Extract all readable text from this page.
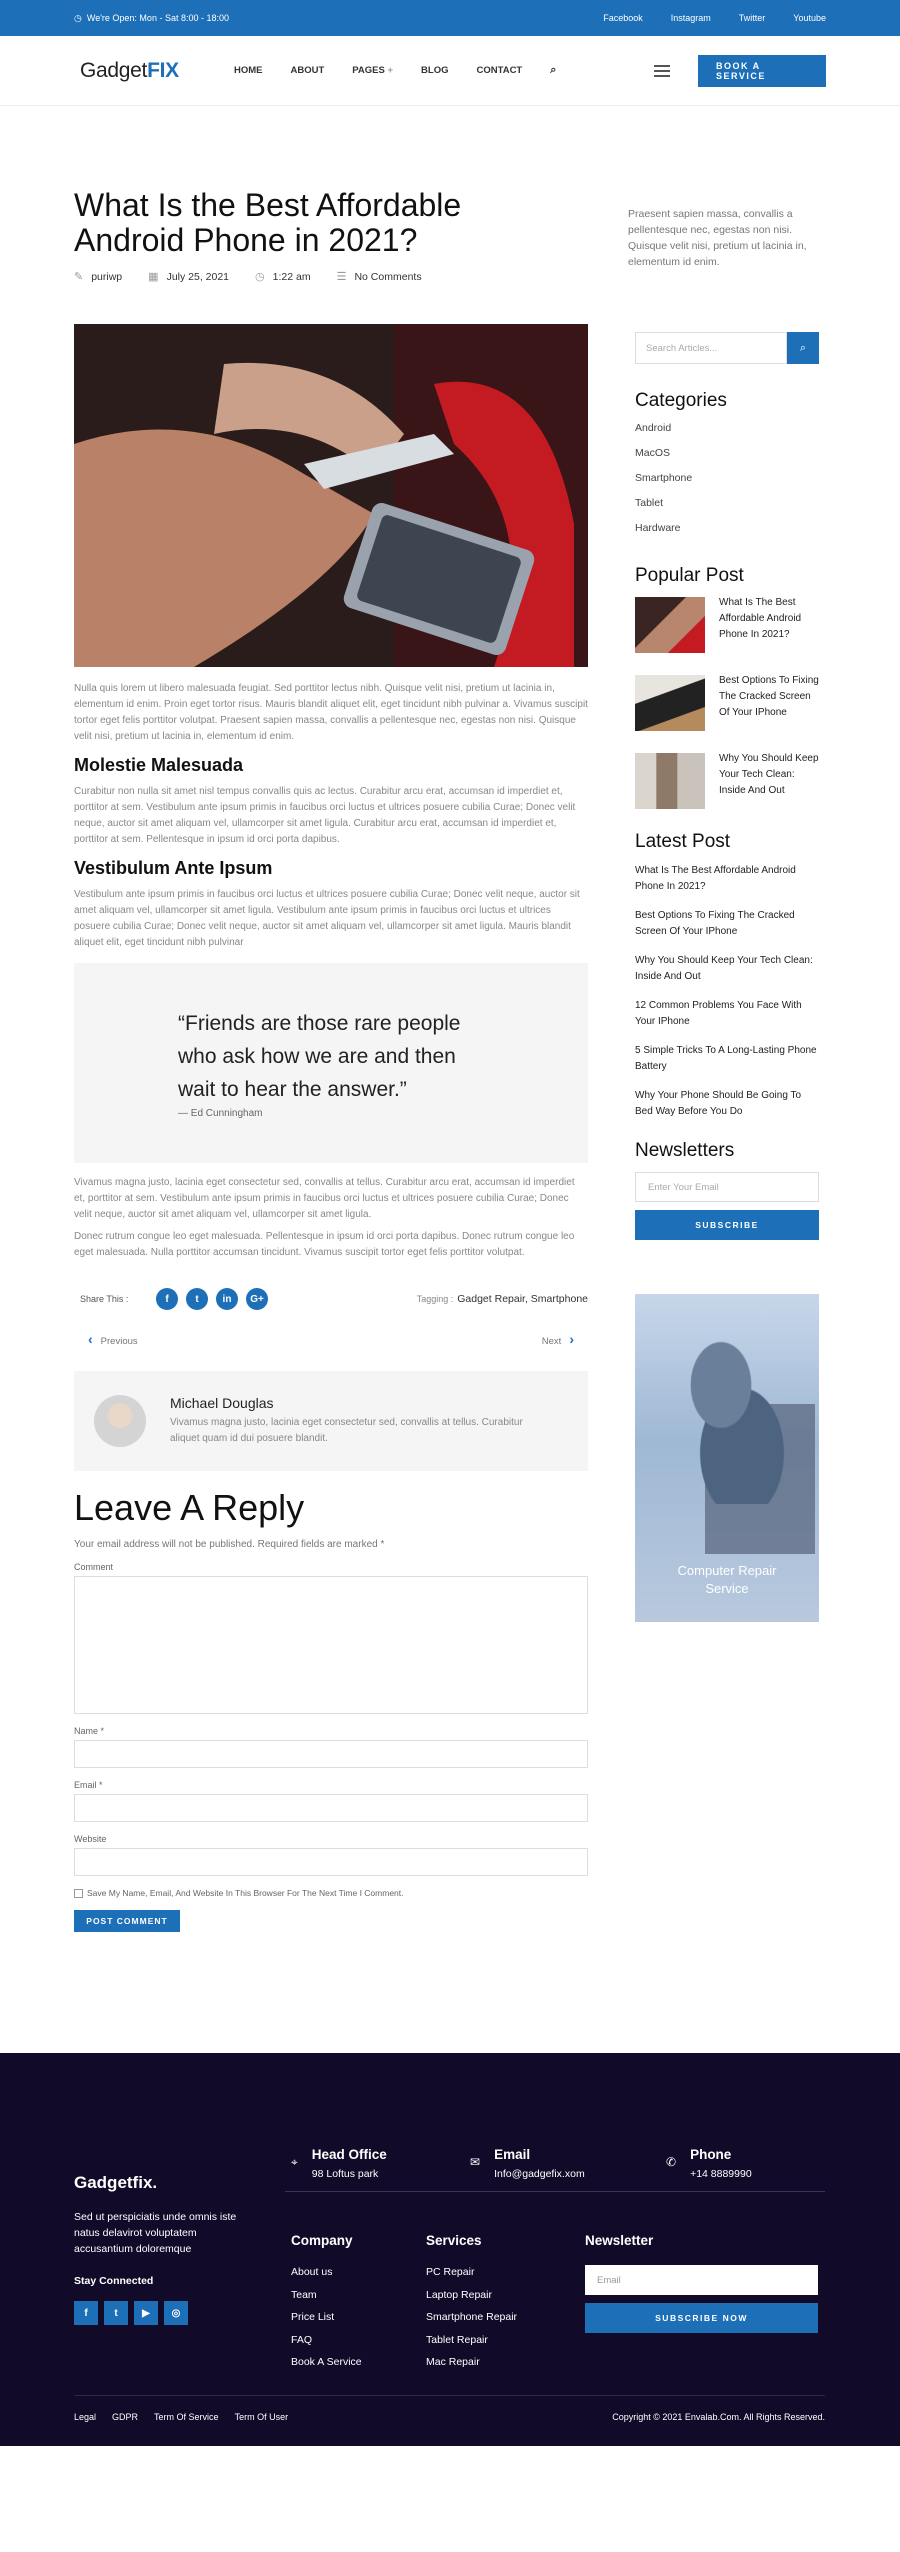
◷ We're Open: Mon - Sat 8:00 - 18:00	Facebook	Instagram	Twitter	Youtube
GadgetFIX	HOME	ABOUT	PAGES +	BLOG	CONTACT	⌕	BOOK A SERVICE
What Is the Best Affordable Android Phone in 2021?
✎ puriwp ▦ July 25, 2021 ◷ 1:22 am ☰ No Comments
Praesent sapien massa, convallis a pellentesque nec, egestas non nisi. Quisque velit nisi, pretium ut lacinia in, elementum id enim.

Nulla quis lorem ut libero malesuada feugiat. Sed porttitor lectus nibh. Quisque velit nisi, pretium ut lacinia in, elementum id enim. Proin eget tortor risus. Mauris blandit aliquet elit, eget tincidunt nibh pulvinar a. Vivamus suscipit tortor eget felis porttitor volutpat. Praesent sapien massa, convallis a pellentesque nec, egestas non nisi. Quisque velit nisi, pretium ut lacinia in, elementum id enim.

Molestie Malesuada

Curabitur non nulla sit amet nisl tempus convallis quis ac lectus. Curabitur arcu erat, accumsan id imperdiet et, porttitor at sem. Vestibulum ante ipsum primis in faucibus orci luctus et ultrices posuere cubilia Curae; Donec velit neque, auctor sit amet aliquam vel, ullamcorper sit amet ligula. Curabitur arcu erat, accumsan id imperdiet et, porttitor at sem. Pellentesque in ipsum id orci porta dapibus.

Vestibulum Ante Ipsum

Vestibulum ante ipsum primis in faucibus orci luctus et ultrices posuere cubilia Curae; Donec velit neque, auctor sit amet aliquam vel, ullamcorper sit amet ligula. Vestibulum ante ipsum primis in faucibus orci luctus et ultrices posuere cubilia Curae; Donec velit neque, auctor sit amet aliquam vel, ullamcorper sit amet ligula. Mauris blandit aliquet elit, eget tincidunt nibh pulvinar

“Friends are those rare people who ask how we are and then wait to hear the answer.”
— Ed Cunningham

Vivamus magna justo, lacinia eget consectetur sed, convallis at tellus. Curabitur arcu erat, accumsan id imperdiet et, porttitor at sem. Vestibulum ante ipsum primis in faucibus orci luctus et ultrices posuere cubilia Curae; Donec velit neque, auctor sit amet aliquam vel, ullamcorper sit amet ligula.

Donec rutrum congue leo eget malesuada. Pellentesque in ipsum id orci porta dapibus. Donec rutrum congue leo eget malesuada. Nulla porttitor accumsan tincidunt. Vivamus suscipit tortor eget felis porttitor volutpat.

Share This :	f	t	in	G+	Tagging : Gadget Repair, Smartphone
‹ Previous	Next ›
Michael Douglas
Vivamus magna justo, lacinia eget consectetur sed, convallis at tellus. Curabitur aliquet quam id dui posuere blandit.
Leave A Reply
Your email address will not be published. Required fields are marked *
Comment
Name *
Email *
Website
Save My Name, Email, And Website In This Browser For The Next Time I Comment.
POST COMMENT
Search Articles...	⌕
Categories
Android
MacOS
Smartphone
Tablet
Hardware
Popular Post
What Is The Best Affordable Android Phone In 2021?
Best Options To Fixing The Cracked Screen Of Your IPhone
Why You Should Keep Your Tech Clean: Inside And Out
Latest Post
What Is The Best Affordable Android Phone In 2021?
Best Options To Fixing The Cracked Screen Of Your IPhone
Why You Should Keep Your Tech Clean: Inside And Out
12 Common Problems You Face With Your IPhone
5 Simple Tricks To A Long-Lasting Phone Battery
Why Your Phone Should Be Going To Bed Way Before You Do
Newsletters
Enter Your Email
SUBSCRIBE
Computer Repair Service
Gadgetfix.
Sed ut perspiciatis unde omnis iste natus delavirot voluptatem accusantium doloremque
Stay Connected
f	t	▶	◎
⌖ Head Office
98 Loftus park
✉ Email
Info@gadgefix.xom
✆ Phone
+14 8889990
Company
About us
Team
Price List
FAQ
Book A Service
Services
PC Repair
Laptop Repair
Smartphone Repair
Tablet Repair
Mac Repair
Newsletter
Email
SUBSCRIBE NOW
Legal GDPR Term Of Service Term Of User	Copyright © 2021 Envalab.Com. All Rights Reserved.
